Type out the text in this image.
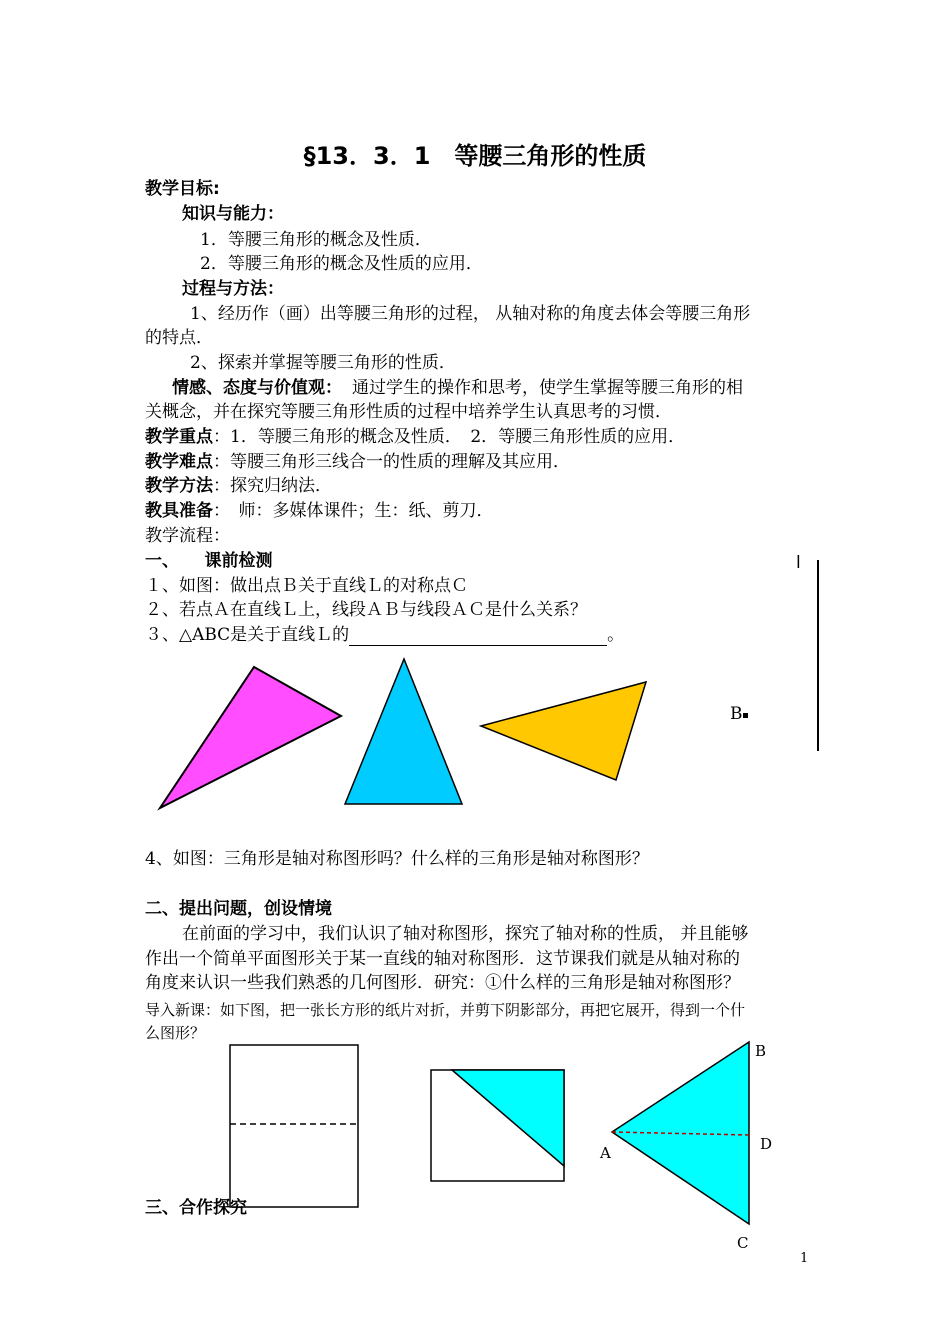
§13．3．1　等腰三角形的性质
教学目标:
知识与能力：
1．等腰三角形的概念及性质．
2．等腰三角形的概念及性质的应用．
过程与方法：
1、经历作（画）出等腰三角形的过程， 从轴对称的角度去体会等腰三角形
的特点．
2、探索并掌握等腰三角形的性质．
情感、态度与价值观： 通过学生的操作和思考，使学生掌握等腰三角形的相
关概念，并在探究等腰三角形性质的过程中培养学生认真思考的习惯．
教学重点：1．等腰三角形的概念及性质．　2．等腰三角形性质的应用．
教学难点：等腰三角形三线合一的性质的理解及其应用．
教学方法：探究归纳法．
教具准备：　师：多媒体课件；生：纸、剪刀．
教学流程：
一、　　课前检测
１、如图：做出点Ｂ关于直线Ｌ的对称点Ｃ
２、若点Ａ在直线Ｌ上，线段ＡＢ与线段ＡＣ是什么关系？
３、△ABC是关于直线Ｌ的	。
B
l
B
D
A
C
4、如图：三角形是轴对称图形吗？什么样的三角形是轴对称图形？
二、提出问题，创设情境
在前面的学习中，我们认识了轴对称图形，探究了轴对称的性质， 并且能够
作出一个简单平面图形关于某一直线的轴对称图形．这节课我们就是从轴对称的
角度来认识一些我们熟悉的几何图形．研究：①什么样的三角形是轴对称图形？
导入新课：如下图，把一张长方形的纸片对折，并剪下阴影部分，再把它展开，得到一个什
么图形？
三、合作探究
1
